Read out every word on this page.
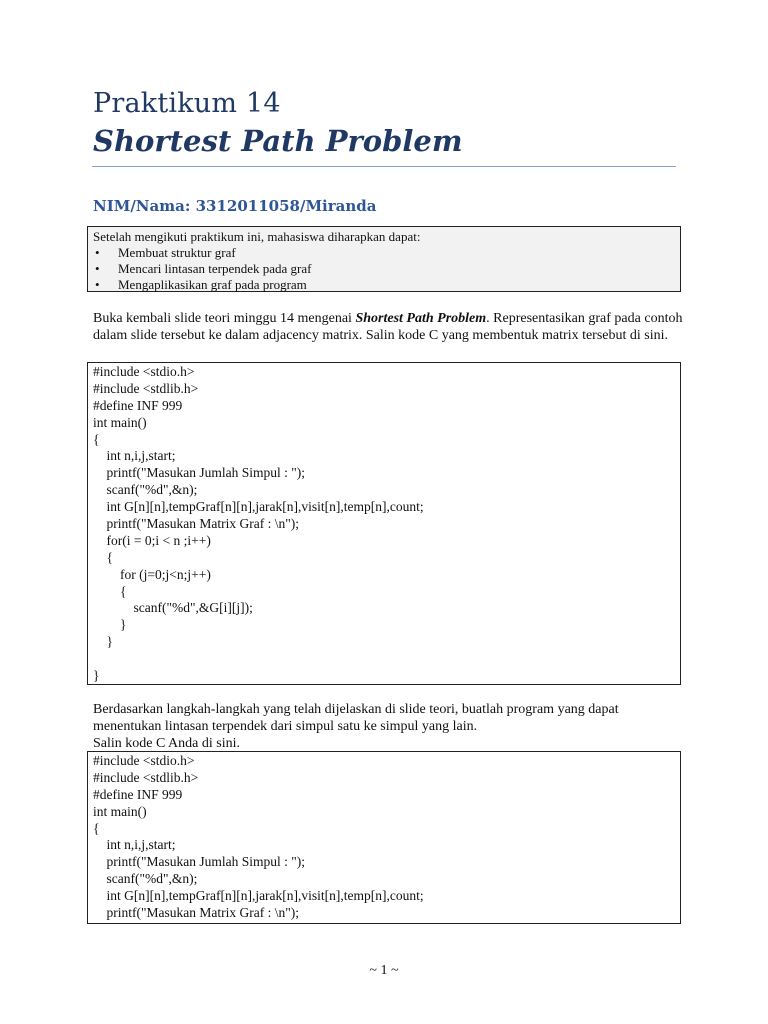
Praktikum 14
Shortest Path Problem
NIM/Nama: 3312011058/Miranda
Setelah mengikuti praktikum ini, mahasiswa diharapkan dapat:
• Membuat struktur graf
• Mencari lintasan terpendek pada graf
• Mengaplikasikan graf pada program
Buka kembali slide teori minggu 14 mengenai Shortest Path Problem. Representasikan graf pada contoh dalam slide tersebut ke dalam adjacency matrix. Salin kode C yang membentuk matrix tersebut di sini.
#include <stdio.h>
#include <stdlib.h>
#define INF 999
int main()
{
int n,i,j,start;
printf("Masukan Jumlah Simpul : ");
scanf("%d",&n);
int G[n][n],tempGraf[n][n],jarak[n],visit[n],temp[n],count;
printf("Masukan Matrix Graf : \n");
for(i = 0;i < n ;i++)
{
for (j=0;j<n;j++)
{
scanf("%d",&G[i][j]);
}
}
}
Berdasarkan langkah-langkah yang telah dijelaskan di slide teori, buatlah program yang dapat
menentukan lintasan terpendek dari simpul satu ke simpul yang lain.
Salin kode C Anda di sini.
#include <stdio.h>
#include <stdlib.h>
#define INF 999
int main()
{
int n,i,j,start;
printf("Masukan Jumlah Simpul : ");
scanf("%d",&n);
int G[n][n],tempGraf[n][n],jarak[n],visit[n],temp[n],count;
printf("Masukan Matrix Graf : \n");
~ 1 ~
